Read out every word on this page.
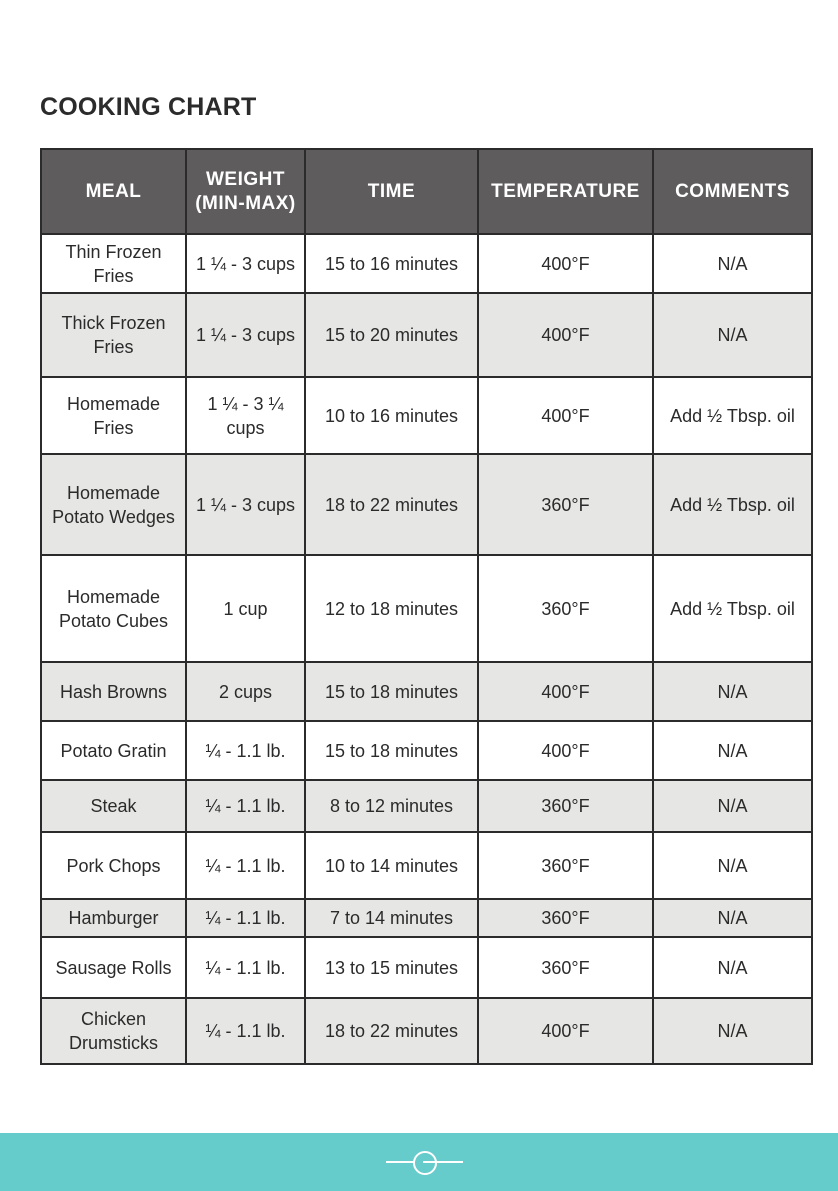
COOKING CHART
MEAL	WEIGHT (MIN-MAX)	TIME	TEMPERATURE	COMMENTS
Thin Frozen Fries	1 ¼ - 3 cups	15 to 16 minutes	400°F	N/A
Thick Frozen Fries	1 ¼ - 3 cups	15 to 20 minutes	400°F	N/A
Homemade Fries	1 ¼ - 3 ¼ cups	10 to 16 minutes	400°F	Add ½ Tbsp. oil
Homemade Potato Wedges	1 ¼ - 3 cups	18 to 22 minutes	360°F	Add ½ Tbsp. oil
Homemade Potato Cubes	1 cup	12 to 18 minutes	360°F	Add ½ Tbsp. oil
Hash Browns	2 cups	15 to 18 minutes	400°F	N/A
Potato Gratin	¼ - 1.1 lb.	15 to 18 minutes	400°F	N/A
Steak	¼ - 1.1 lb.	8 to 12 minutes	360°F	N/A
Pork Chops	¼ - 1.1 lb.	10 to 14 minutes	360°F	N/A
Hamburger	¼ - 1.1 lb.	7 to 14 minutes	360°F	N/A
Sausage Rolls	¼ - 1.1 lb.	13 to 15 minutes	360°F	N/A
Chicken Drumsticks	¼ - 1.1 lb.	18 to 22 minutes	400°F	N/A
